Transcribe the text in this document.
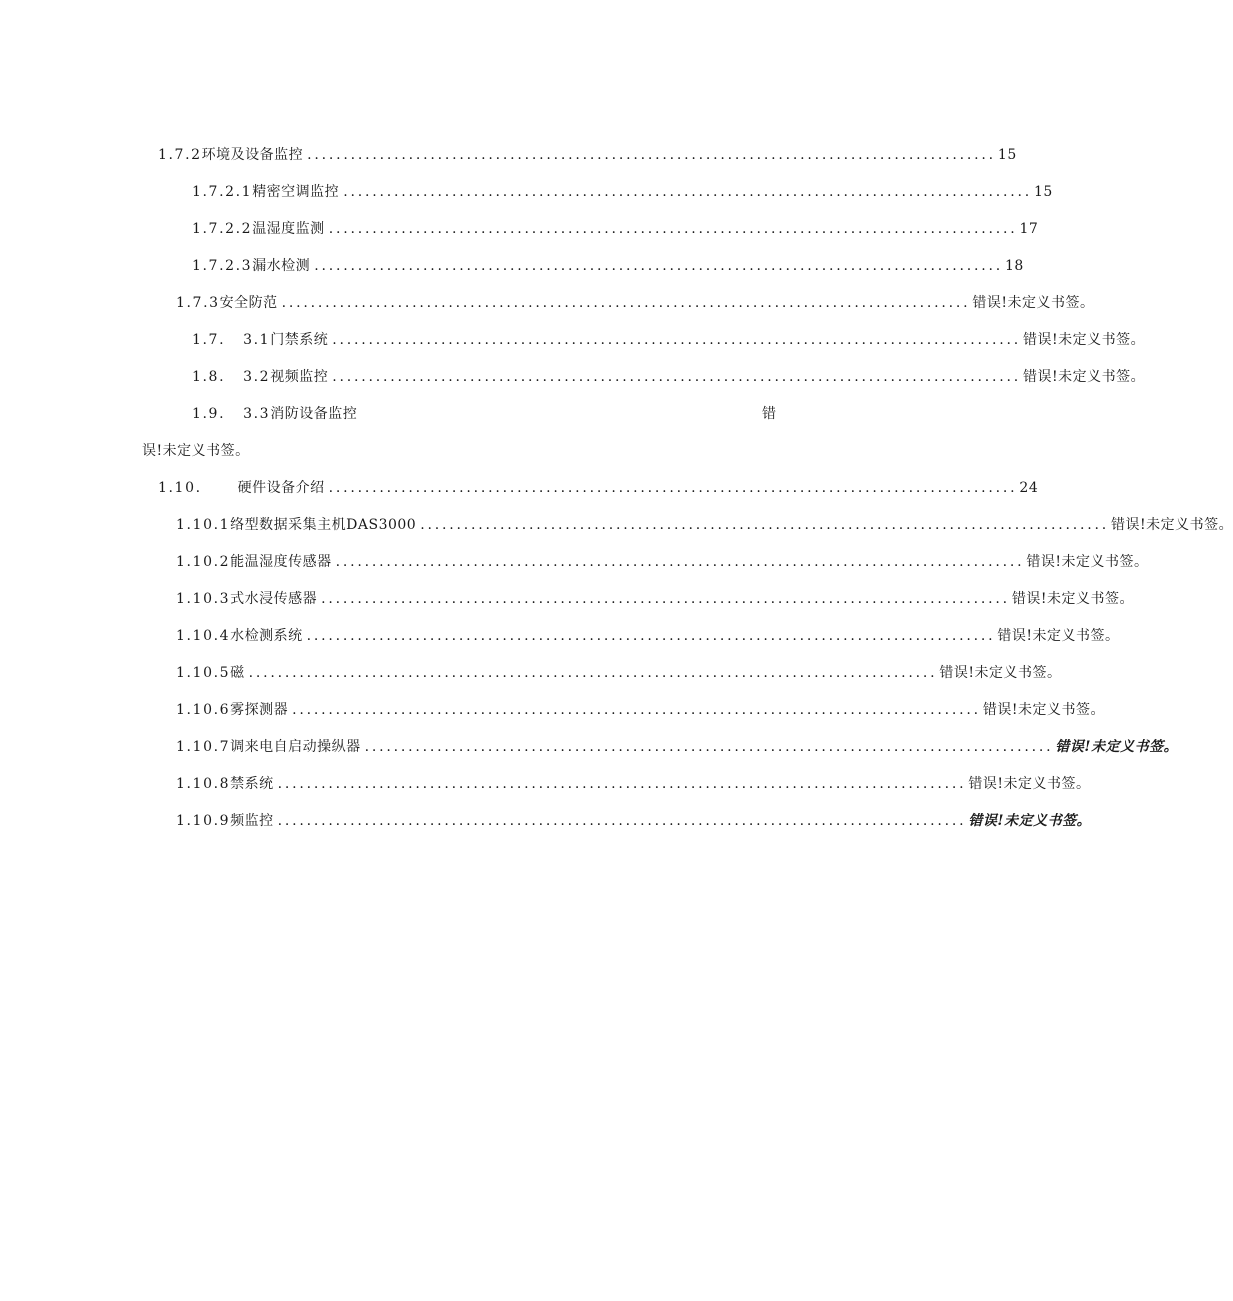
1.7.2 环境及设备监控 ............................................................................................... 15
1.7.2.1 精密空调监控 ............................................................................................... 15
1.7.2.2 温湿度监测 ............................................................................................... 17
1.7.2.3 漏水检测 ............................................................................................... 18
1.7.3 安全防范 ............................................................................................... 错误!未定义书签。
1.7. 3.1 门禁系统 ............................................................................................... 错误!未定义书签。
1.8. 3.2 视频监控 ............................................................................................... 错误!未定义书签。
1.9. 3.3 消防设备监控	错
误!未定义书签。
1.10.	硬件设备介绍 ............................................................................................... 24
1.10.1 络型数据采集主机DAS3000 ............................................................................................... 错误!未定义书签。
1.10.2 能温湿度传感器 ............................................................................................... 错误!未定义书签。
1.10.3 式水浸传感器 ............................................................................................... 错误!未定义书签。
1.10.4 水检测系统 ............................................................................................... 错误!未定义书签。
1.10.5 磁 ............................................................................................... 错误!未定义书签。
1.10.6 雾探测器 ............................................................................................... 错误!未定义书签。
1.10.7 调来电自启动操纵器 ............................................................................................... 错误!未定义书签。
1.10.8 禁系统 ............................................................................................... 错误!未定义书签。
1.10.9 频监控 ............................................................................................... 错误!未定义书签。
